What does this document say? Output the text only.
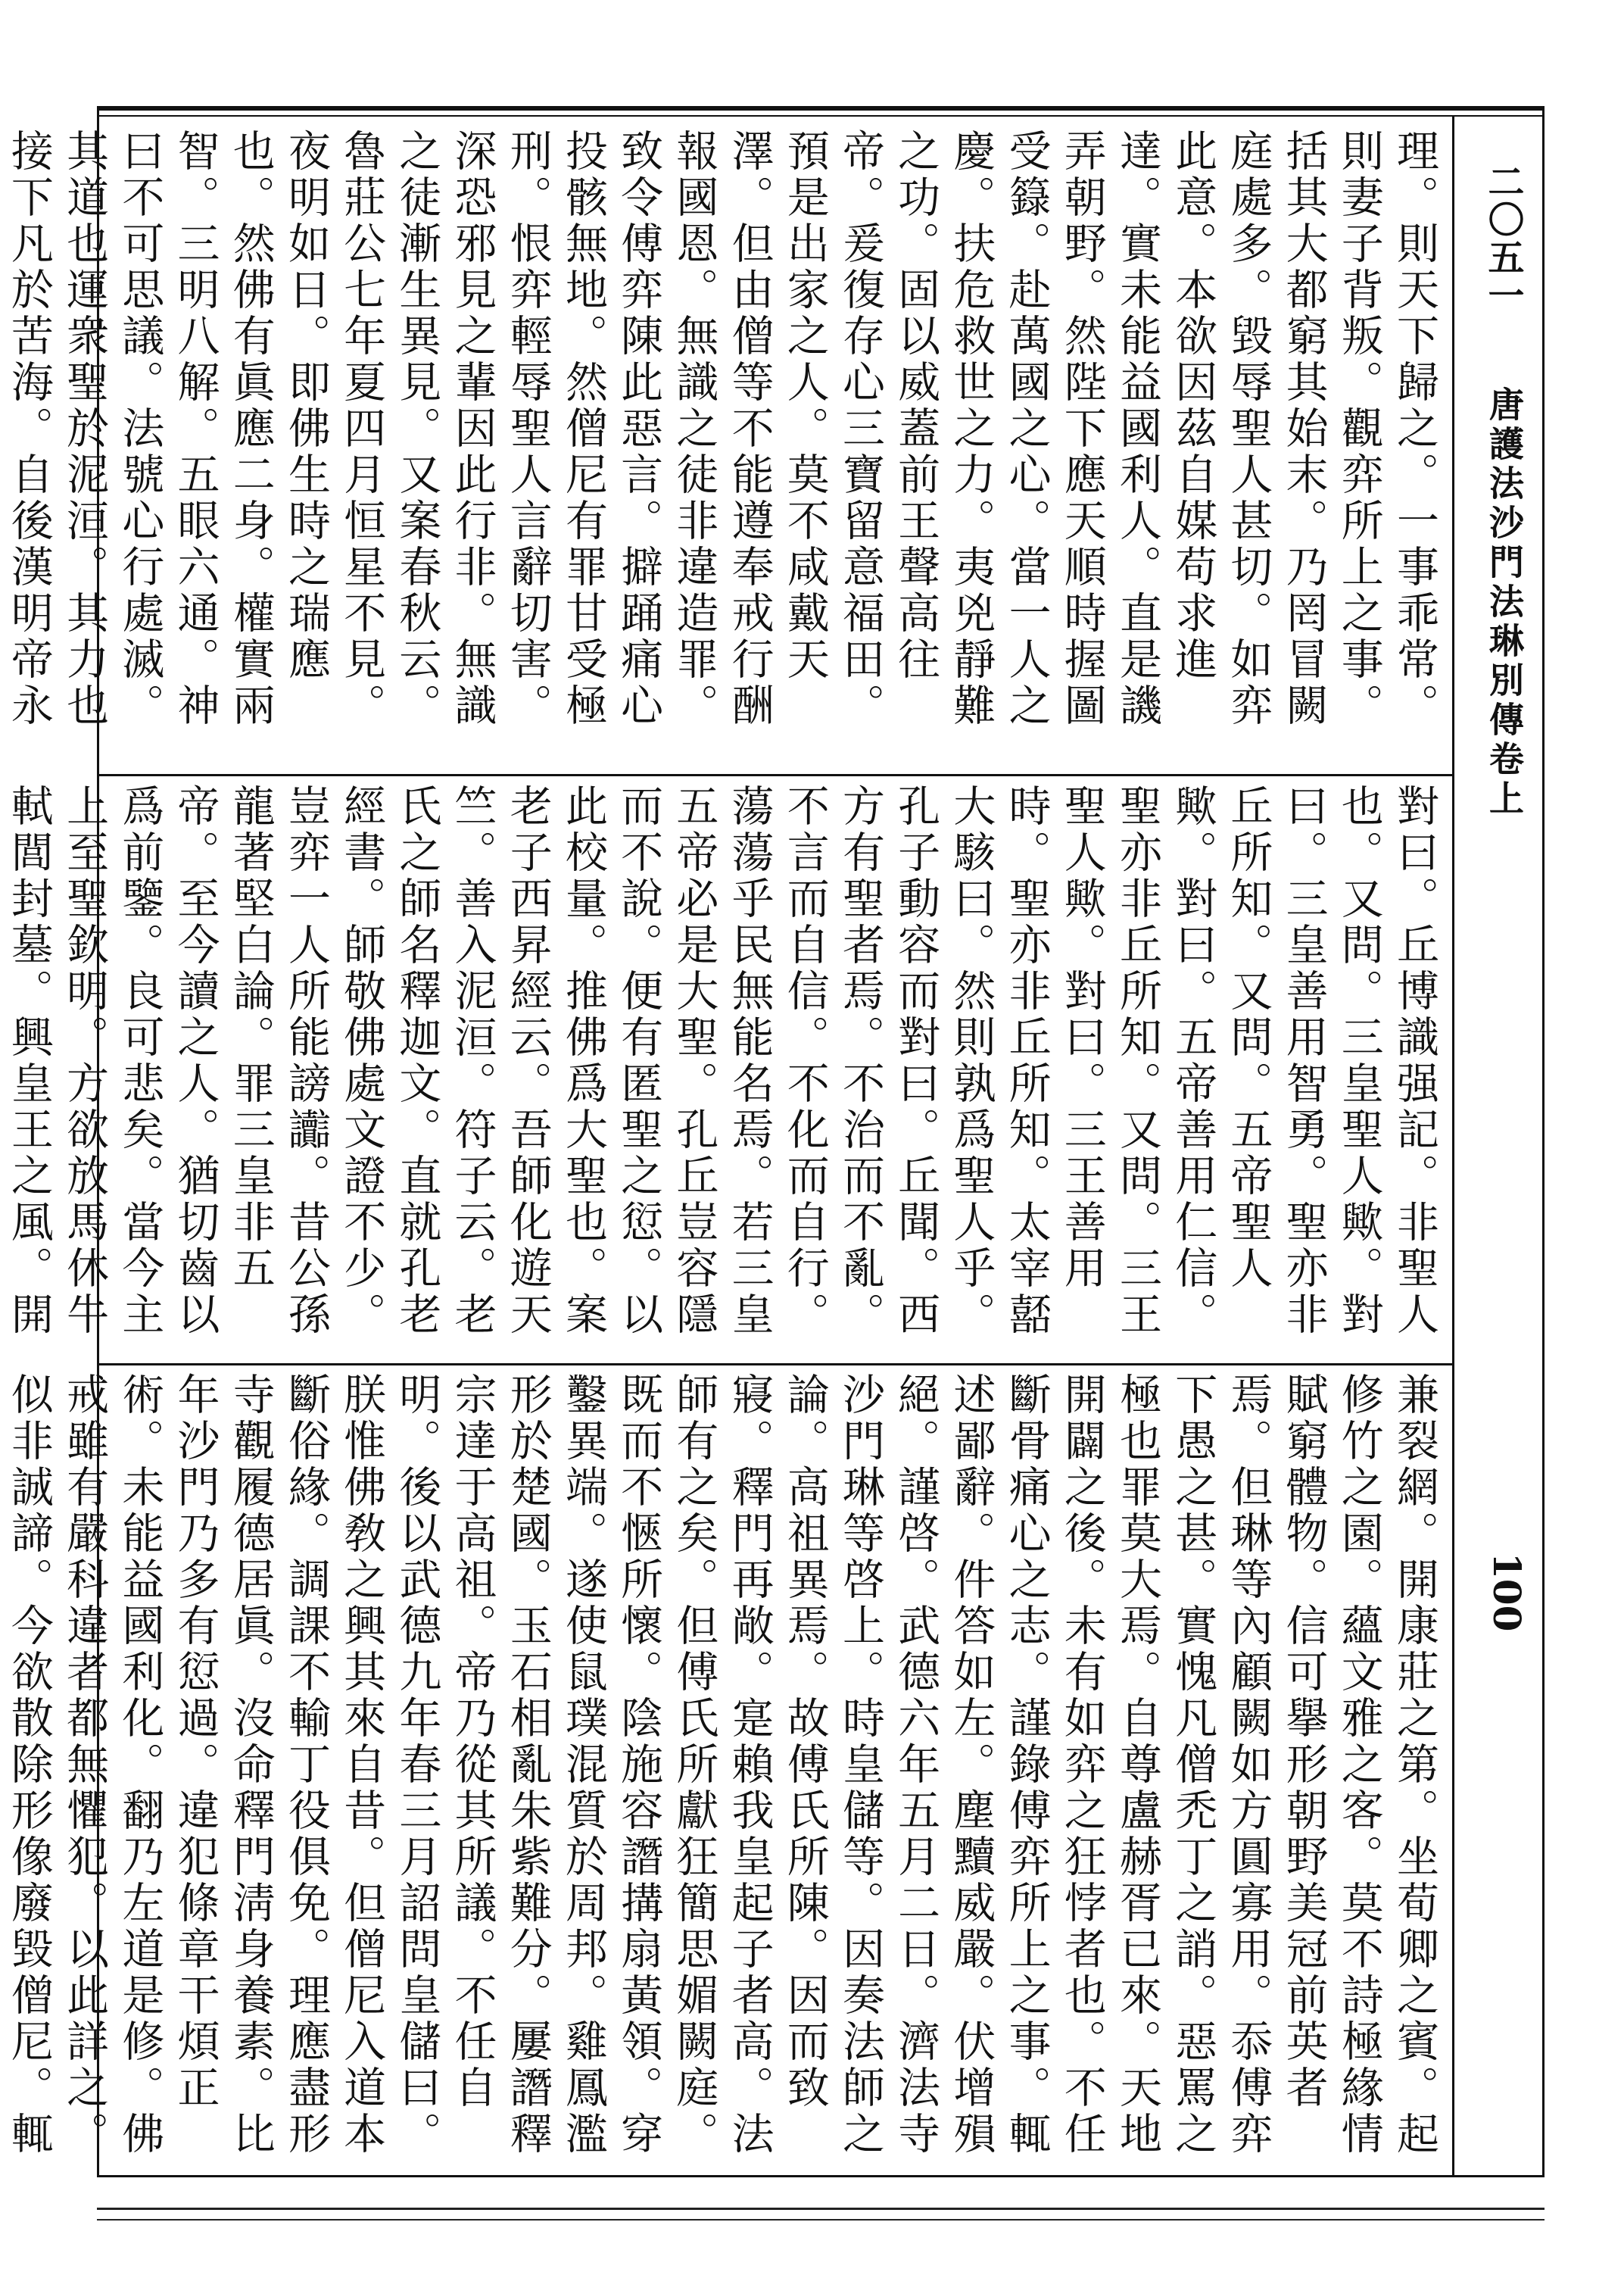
二〇五一
唐護法沙門法琳別傳卷上
100

理。則天下歸之。一事乖常。則妻子背叛。觀弈所上之事。括其大都窮其始末。乃罔冒闕庭處多。毀辱聖人甚切。如弈此意。本欲因茲自媒苟求進達。實未能益國利人。直是譏弄朝野。然陛下應天順時握圖受籙。赴萬國之心。當一人之慶。扶危救世之力。夷兇靜難之功。固以威蓋前王聲高往帝。爰復存心三寶留意福田。預是出家之人。莫不咸戴天澤。但由僧等不能遵奉戒行酬報國恩。無識之徒非違造罪。致令傅弈陳此惡言。擗踊痛心投骸無地。然僧尼有罪甘受極刑。恨弈輕辱聖人言辭切害。深恐邪見之輩因此行非。無識之徒漸生異見。又案春秋云。魯莊公七年夏四月恒星不見。夜明如日。即佛生時之瑞應也。然佛有眞應二身。權實兩智。三明八解。五眼六通。神曰不可思議。法號心行處滅。其道也運衆聖於泥洹。其力也接下凡於苦海。自後漢明帝永

對曰。丘博識强記。非聖人也。又問。三皇聖人歟。對曰。三皇善用智勇。聖亦非丘所知。又問。五帝聖人歟。對曰。五帝善用仁信。聖亦非丘所知。又問。三王聖人歟。對曰。三王善用時。聖亦非丘所知。太宰嚭大駭曰。然則孰爲聖人乎。孔子動容而對曰。丘聞。西方有聖者焉。不治而不亂。不言而自信。不化而自行。蕩蕩乎民無能名焉。若三皇五帝必是大聖。孔丘豈容隱而不說。便有匿聖之愆。以此校量。推佛爲大聖也。案老子西昇經云。吾師化遊天竺。善入泥洹。符子云。老氏之師名釋迦文。直就孔老經書。師敬佛處文證不少。豈弈一人所能謗讟。昔公孫龍著堅白論。罪三皇非五帝。至今讀之人。猶切齒以爲前鑒。良可悲矣。當今主上至聖欽明。方欲放馬休牛軾閭封墓。興皇王之風。開

兼裂網。開康莊之第。坐荀卿之賓。起修竹之園。蘊文雅之客。莫不詩極緣情賦窮體物。信可擧形朝野美冠前英者焉。但琳等內顧闕如方圓寡用。忝傅弈下愚之甚。實愧凡僧禿丁之誚。惡罵之極也罪莫大焉。自尊盧赫胥已來。天地開闢之後。未有如弈之狂悖者也。不任斷骨痛心之志。謹錄傅弈所上之事。輒述鄙辭。件答如左。塵黷威嚴。伏增殞絕。謹啓。武德六年五月二日。濟法寺沙門琳等啓上。時皇儲等。因奏法師之論。高祖異焉。故傅氏所陳。因而致寢。釋門再敞。寔賴我皇起子者高。法師有之矣。但傅氏所獻狂簡思媚闕庭。既而不愜所懷。陰施容譖搆扇黃領。穿鑿異端。遂使鼠璞混質於周邦。雞鳳濫形於楚國。玉石相亂朱紫難分。屢譖釋宗達于高祖。帝乃從其所議。不任自明。後以武德九年春三月詔問皇儲曰。朕惟佛敎之興其來自昔。但僧尼入道本斷俗緣。調課不輸丁役俱免。理應盡形寺觀履德居眞。沒命釋門淸身養素。比年沙門乃多有愆過。違犯條章干煩正術。未能益國利化。翻乃左道是修。佛戒雖有嚴科違者都無懼犯。以此詳之。似非誠諦。今欲散除形像廢毀僧尼。輒
